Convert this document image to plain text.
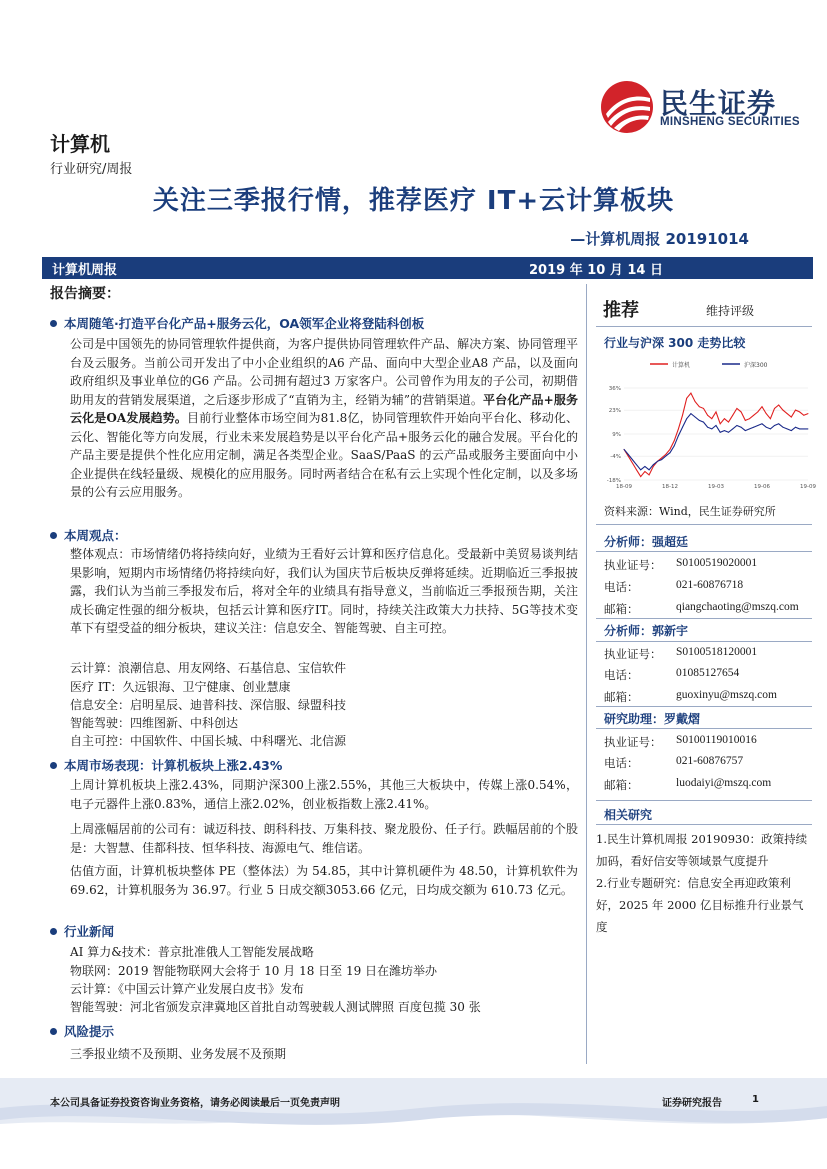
民生证券
MINSHENG SECURITIES
计算机
行业研究/周报
关注三季报行情，推荐医疗 IT+云计算板块
—计算机周报 20191014
计算机周报	2019 年 10 月 14 日
报告摘要：
本周随笔·打造平台化产品+服务云化，OA领军企业将登陆科创板
公司是中国领先的协同管理软件提供商，为客户提供协同管理软件产品、解决方案、协同管理平台及云服务。当前公司开发出了中小企业组织的A6 产品、面向中大型企业A8 产品，以及面向政府组织及事业单位的G6 产品。公司拥有超过3 万家客户。公司曾作为用友的子公司，初期借助用友的营销发展渠道，之后逐步形成了“直销为主，经销为辅”的营销渠道。平台化产品+服务云化是OA发展趋势。目前行业整体市场空间为81.8亿，协同管理软件开始向平台化、移动化、云化、智能化等方向发展，行业未来发展趋势是以平台化产品+服务云化的融合发展。平台化的产品主要是提供个性化应用定制，满足各类型企业。SaaS/PaaS 的云产品或服务主要面向中小企业提供在线轻量级、规模化的应用服务。同时两者结合在私有云上实现个性化定制，以及多场景的公有云应用服务。
本周观点：
整体观点：市场情绪仍将持续向好，业绩为王看好云计算和医疗信息化。受最新中美贸易谈判结果影响，短期内市场情绪仍将持续向好，我们认为国庆节后板块反弹将延续。近期临近三季报披露，我们认为当前三季报发布后，将对全年的业绩具有指导意义，当前临近三季报预告期，关注成长确定性强的细分板块，包括云计算和医疗IT。同时，持续关注政策大力扶持、5G等技术变革下有望受益的细分板块，建议关注：信息安全、智能驾驶、自主可控。
云计算：浪潮信息、用友网络、石基信息、宝信软件
医疗 IT：久远银海、卫宁健康、创业慧康
信息安全：启明星辰、迪普科技、深信服、绿盟科技
智能驾驶：四维图新、中科创达
自主可控：中国软件、中国长城、中科曙光、北信源
本周市场表现：计算机板块上涨2.43%
上周计算机板块上涨2.43%，同期沪深300上涨2.55%，其他三大板块中，传媒上涨0.54%，电子元器件上涨0.83%，通信上涨2.02%，创业板指数上涨2.41%。
上周涨幅居前的公司有：诚迈科技、朗科科技、万集科技、聚龙股份、任子行。跌幅居前的个股是：大智慧、佳都科技、恒华科技、海源电气、维信诺。
估值方面，计算机板块整体 PE（整体法）为 54.85，其中计算机硬件为 48.50，计算机软件为 69.62，计算机服务为 36.97。行业 5 日成交额3053.66 亿元，日均成交额为 610.73 亿元。
行业新闻
AI 算力&技术：普京批准俄人工智能发展战略
物联网：2019 智能物联网大会将于 10 月 18 日至 19 日在潍坊举办
云计算：《中国云计算产业发展白皮书》发布
智能驾驶：河北省颁发京津冀地区首批自动驾驶载人测试牌照 百度包揽 30 张
风险提示
三季报业绩不及预期、业务发展不及预期
推荐	维持评级
行业与沪深 300 走势比较
计算机	沪深300
36%
23%
9%
-4%
-18%
18-09	18-12	19-03	19-06	19-09
资料来源：Wind，民生证券研究所
分析师：强超廷
执业证号： S0100519020001
电话：	021-60876718
邮箱：	qiangchaoting@mszq.com
分析师：郭新宇
执业证号： S0100518120001
电话：	01085127654
邮箱：	guoxinyu@mszq.com
研究助理：罗戴熠
执业证号： S0100119010016
电话：	021-60876757
邮箱：	luodaiyi@mszq.com
相关研究
1.民生计算机周报 20190930：政策持续加码，看好信安等领域景气度提升
2.行业专题研究：信息安全再迎政策利好，2025 年 2000 亿目标推升行业景气度
本公司具备证券投资咨询业务资格，请务必阅读最后一页免责声明	证券研究报告	1
